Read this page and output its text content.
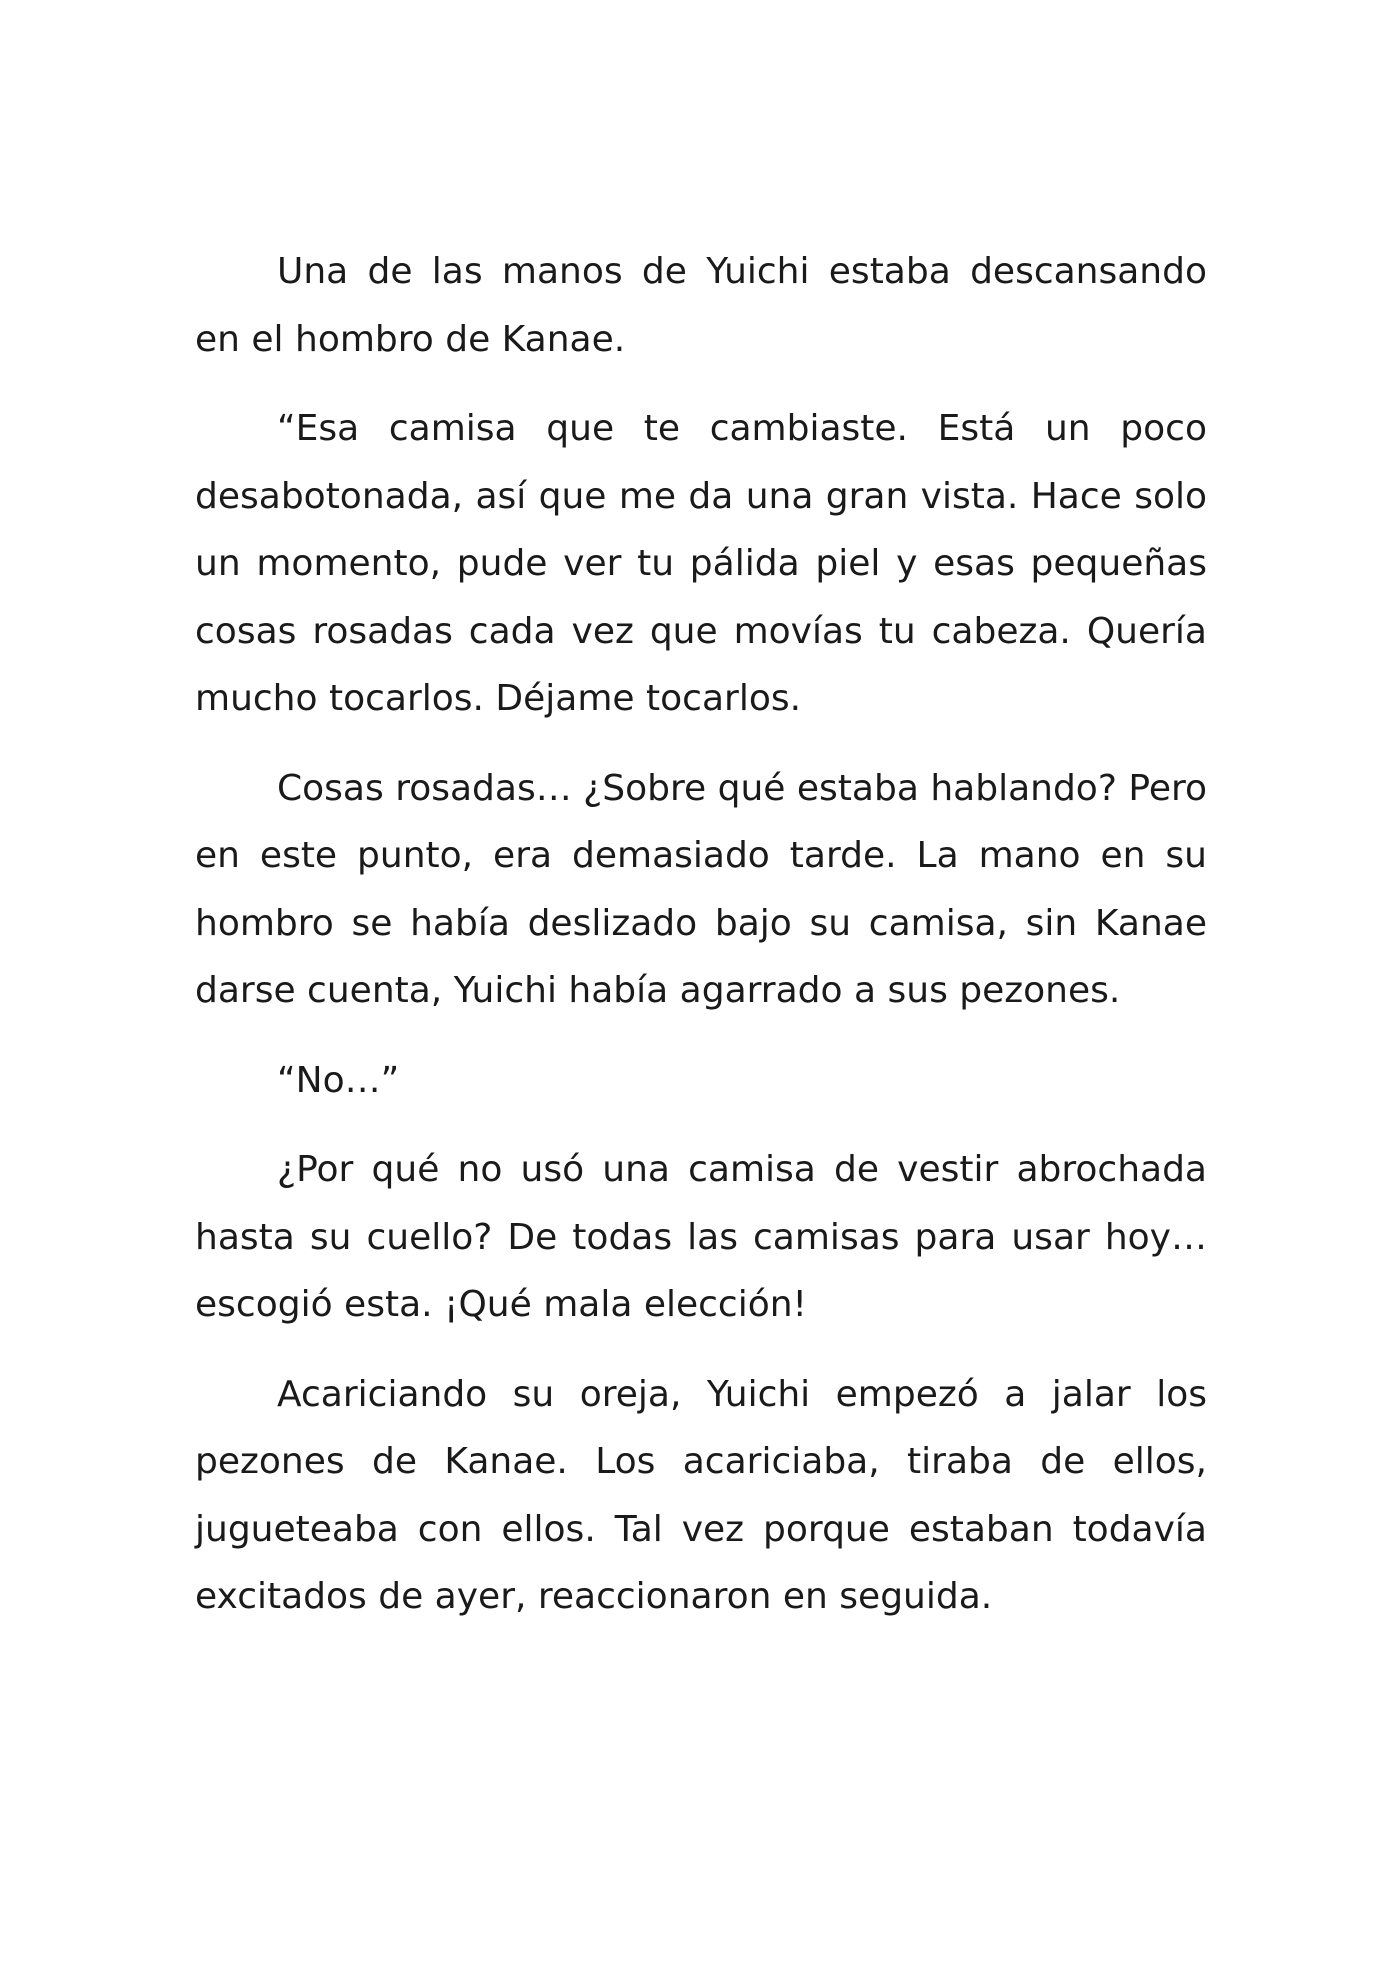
Una de las manos de Yuichi estaba descansando en el hombro de Kanae.

“Esa camisa que te cambiaste. Está un poco desabotonada, así que me da una gran vista. Hace solo un momento, pude ver tu pálida piel y esas pequeñas cosas rosadas cada vez que movías tu cabeza. Quería mucho tocarlos. Déjame tocarlos.

Cosas rosadas… ¿Sobre qué estaba hablando? Pero en este punto, era demasiado tarde. La mano en su hombro se había deslizado bajo su camisa, sin Kanae darse cuenta, Yuichi había agarrado a sus pezones.

“No…”

¿Por qué no usó una camisa de vestir abrochada hasta su cuello? De todas las camisas para usar hoy… escogió esta. ¡Qué mala elección!

Acariciando su oreja, Yuichi empezó a jalar los pezones de Kanae. Los acariciaba, tiraba de ellos, jugueteaba con ellos. Tal vez porque estaban todavía excitados de ayer, reaccionaron en seguida.
